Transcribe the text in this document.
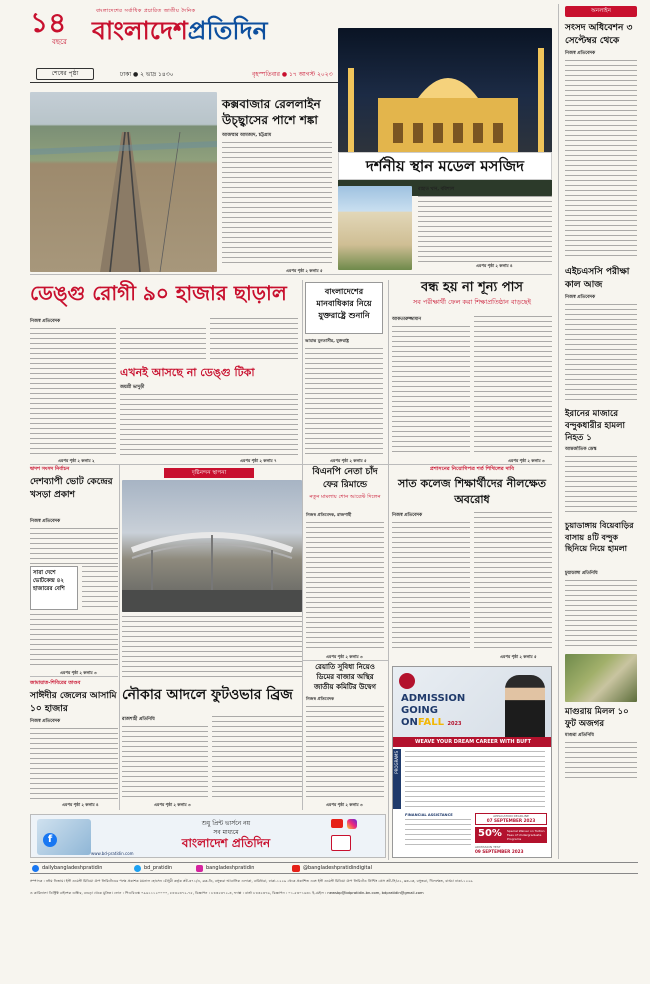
১৪
বছরে
বাংলাদেশের সর্বাধিক প্রচারিত জাতীয় দৈনিক
বাংলাদেশপ্রতিদিন
শেষের পৃষ্ঠা	ঢাকা ● ২ ভাদ্র ১৪৩০	বৃহস্পতিবার ● ১৭ আগস্ট ২০২৩
অনলাইন
সংসদ অধিবেশন ৩ সেপ্টেম্বর থেকে
নিজস্ব প্রতিবেদক
এইচএসসি পরীক্ষা কাল আজ
নিজস্ব প্রতিবেদক
ইরানের মাজারে বন্দুকধারীর হামলা নিহত ১
আন্তর্জাতিক ডেস্ক
চুয়াডাঙ্গায় বিয়েবাড়ির বাসায় ৪টি বন্দুক ছিনিয়ে নিয়ে হামলা
চুয়াডাঙ্গা প্রতিনিধি
মাগুরায় মিলল ১০ ফুট অজগর
মাগুরা প্রতিনিধি
কক্সবাজার রেললাইন উচ্ছ্বাসের পাশে শঙ্কা
আজম্মার আমজাদ, চট্টগ্রাম
এরপর পৃষ্ঠা ২ কলাম ৫
দর্শনীয় স্থান মডেল মসজিদ
রাহাত খান, বরিশাল
এরপর পৃষ্ঠা ২ কলাম ৪
ডেঙ্গু রোগী ৯০ হাজার ছাড়াল
নিজস্ব প্রতিবেদক
এখনই আসছে না ডেঙ্গু টিকা
জয়শ্রী ভাদুড়ী
এরপর পৃষ্ঠা ২ কলাম ২	এরপর পৃষ্ঠা ২ কলাম ৭
বাংলাদেশের মানবাধিকার নিয়ে যুক্তরাষ্ট্রে শুনানি
আমান্ত মুনতাসীর, যুক্তরাষ্ট্র
এরপর পৃষ্ঠা ২ কলাম ৫
বন্ধ হয় না শূন্য পাস
সব পরীক্ষার্থী ফেল করা শিক্ষাপ্রতিষ্ঠান বাড়ছেই
আকতারুজ্জামান
এরপর পৃষ্ঠা ২ কলাম ৩
দ্বাদশ সংসদ নির্বাচন
দেশব্যাপী ভোট কেন্দ্রের খসড়া প্রকাশ
নিজস্ব প্রতিবেদক
সারা দেশে ভোটকেন্দ্র ৪২ হাজারের বেশি
এরপর পৃষ্ঠা ২ কলাম ৩
দৃষ্টিনন্দন স্থাপনা
নৌকার আদলে ফুটওভার ব্রিজ
রাজশাহী প্রতিনিধি
এরপর পৃষ্ঠা ২ কলাম ৩
বিএনপি নেতা চাঁদ ফের রিমান্ডে
নতুন মামলায় শোন আরেস্ট দিলেন
নিজস্ব প্রতিবেদক, রাজশাহী
এরপর পৃষ্ঠা ২ কলাম ৩
প্রশাসনের নিয়োগিপত্র শর্ত শিথিলের দাবি
সাত কলেজ শিক্ষার্থীদের নীলক্ষেত অবরোধ
নিজস্ব প্রতিবেদক
এরপর পৃষ্ঠা ২ কলাম ৫
জামায়াত-শিবিরের তাণ্ডব
সাঈদীর জেলের আসামি ১০ হাজার
নিজস্ব প্রতিবেদক
এরপর পৃষ্ঠা ২ কলাম ৪
রেয়াতি সুবিধা নিয়েও ডিমের বাজার অস্থির জাতীয় কমিটির উদ্বেগ
নিজস্ব প্রতিবেদক
এরপর পৃষ্ঠা ২ কলাম ৩
ADMISSION
GOING
ONFALL 2023
WEAVE YOUR DREAM CAREER WITH BUFT
PROGRAMS
FINANCIAL ASSISTANCE	APPLICATION DEADLINE
07 SEPTEMBER 2023
50% Special Waiver on Tuition Fees of Undergraduate Programs
ADMISSION TEST
09 SEPTEMBER 2023
f
শুধু প্রিন্ট ভার্সনে নয়
সব মাধ্যমে
বাংলাদেশ প্রতিদিন
www.bd-pratidin.com
dailybangladeshpratidin	bd_pratidin	bangladeshpratidin	@bangladeshpratidindigital
সম্পাদক : নঈম নিজাম। ইস্ট ওয়েস্ট মিডিয়া গ্রুপ লিমিটেডের পক্ষে প্রকাশক ময়নাল হোসেন চৌধুরী কর্তৃক প্লট-৩৭১/এ, ব্লক-ডি, বসুন্ধরা আবাসিক এলাকা, বারিধারা, ঢাকা-১২২৯ থেকে প্রকাশিত এবং ইস্ট ওয়েস্ট মিডিয়া গ্রুপ লিমিটেড প্রিন্টিং প্রেস প্লট-সি/৫২, ব্লক-কে, বসুন্ধরা, খিলক্ষেত, বাড্ডা ঢাকা-১২২৯
ও কামিনালা ডিস্ট্রিক্ট বাইশেক ডাক্টার, বগুড়া থেকে মুদ্রিত। ফোন : পিএবিএক্স ০৯৬১১১২০০০০, ৮৪৩২৩৭২-৭৫, বিজ্ঞাপন : ৮৪৩২৩৭২-৩, ফ্যাক্স : বার্তা ৮৪৩২৩৭৬, বিজ্ঞাপন : ০১-৫৩০১৬৩১ ই-মেইল : newsbp@bdpratidin-bn.com, bdpratidin@gmail.com
